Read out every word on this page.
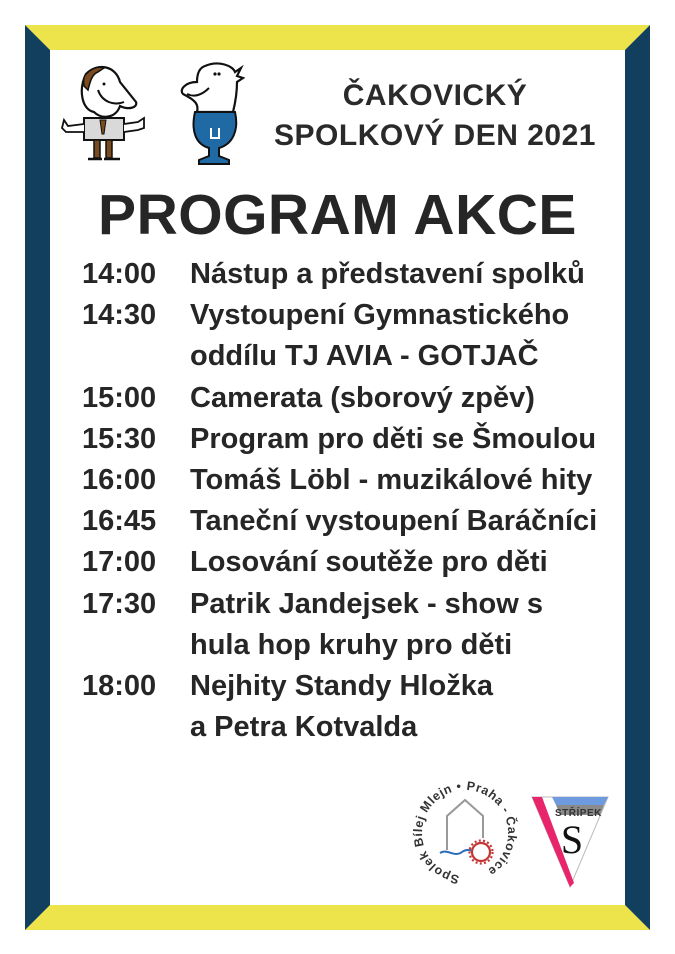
ČAKOVICKÝ
SPOLKOVÝ DEN 2021
PROGRAM AKCE
14:00	Nástup a představení spolků
14:30	Vystoupení Gymnastického
oddílu TJ AVIA - GOTJAČ
15:00	Camerata (sborový zpěv)
15:30	Program pro děti se Šmoulou
16:00	Tomáš Löbl - muzikálové hity
16:45	Taneční vystoupení Baráčníci
17:00	Losování soutěže pro děti
17:30	Patrik Jandejsek - show s
hula hop kruhy pro děti
18:00	Nejhity Standy Hložka
a Petra Kotvalda
Spolek Bílej Mlejn • Praha - Čakovice
S
STŘÍPEK
